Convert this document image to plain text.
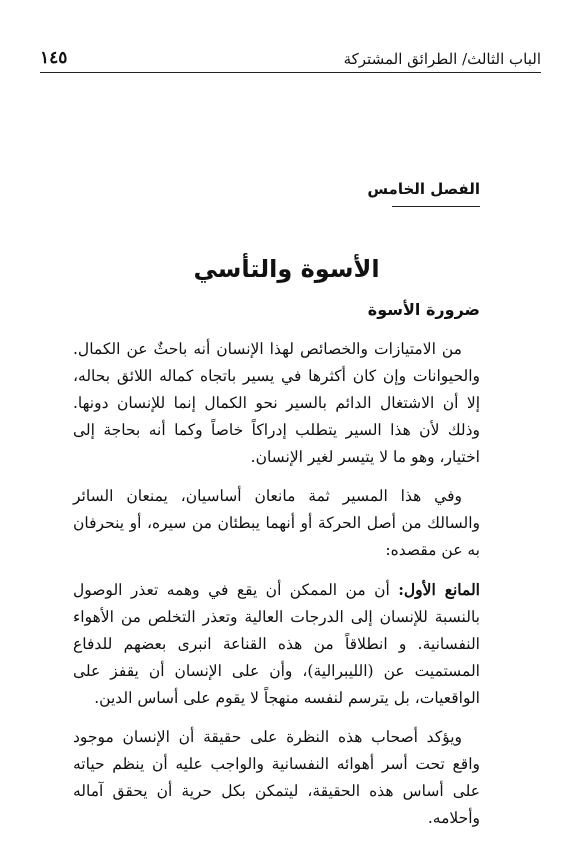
الباب الثالث/ الطرائق المشتركة
١٤٥
الفصل الخامس
الأسوة والتأسي
ضرورة الأسوة

من الامتيازات والخصائص لهذا الإنسان أنه باحثٌ عن الكمال. والحيوانات وإن كان أكثرها في يسير باتجاه كماله اللائق بحاله، إلا أن الاشتغال الدائم بالسير نحو الكمال إنما للإنسان دونها. وذلك لأن هذا السير يتطلب إدراكاً خاصاً وكما أنه بحاجة إلى اختيار، وهو ما لا يتيسر لغير الإنسان.

وفي هذا المسير ثمة مانعان أساسيان، يمنعان السائر والسالك من أصل الحركة أو أنهما يبطئان من سيره، أو ينحرفان به عن مقصده:

المانع الأول: أن من الممكن أن يقع في وهمه تعذر الوصول بالنسبة للإنسان إلى الدرجات العالية وتعذر التخلص من الأهواء النفسانية. و انطلاقاً من هذه القناعة انبرى بعضهم للدفاع المستميت عن (الليبرالية)، وأن على الإنسان أن يقفز على الواقعيات، بل يترسم لنفسه منهجاً لا يقوم على أساس الدين.

ويؤكد أصحاب هذه النظرة على حقيقة أن الإنسان موجود واقع تحت أسر أهوائه النفسانية والواجب عليه أن ينظم حياته على أساس هذه الحقيقة، ليتمكن بكل حرية أن يحقق آماله وأحلامه.
